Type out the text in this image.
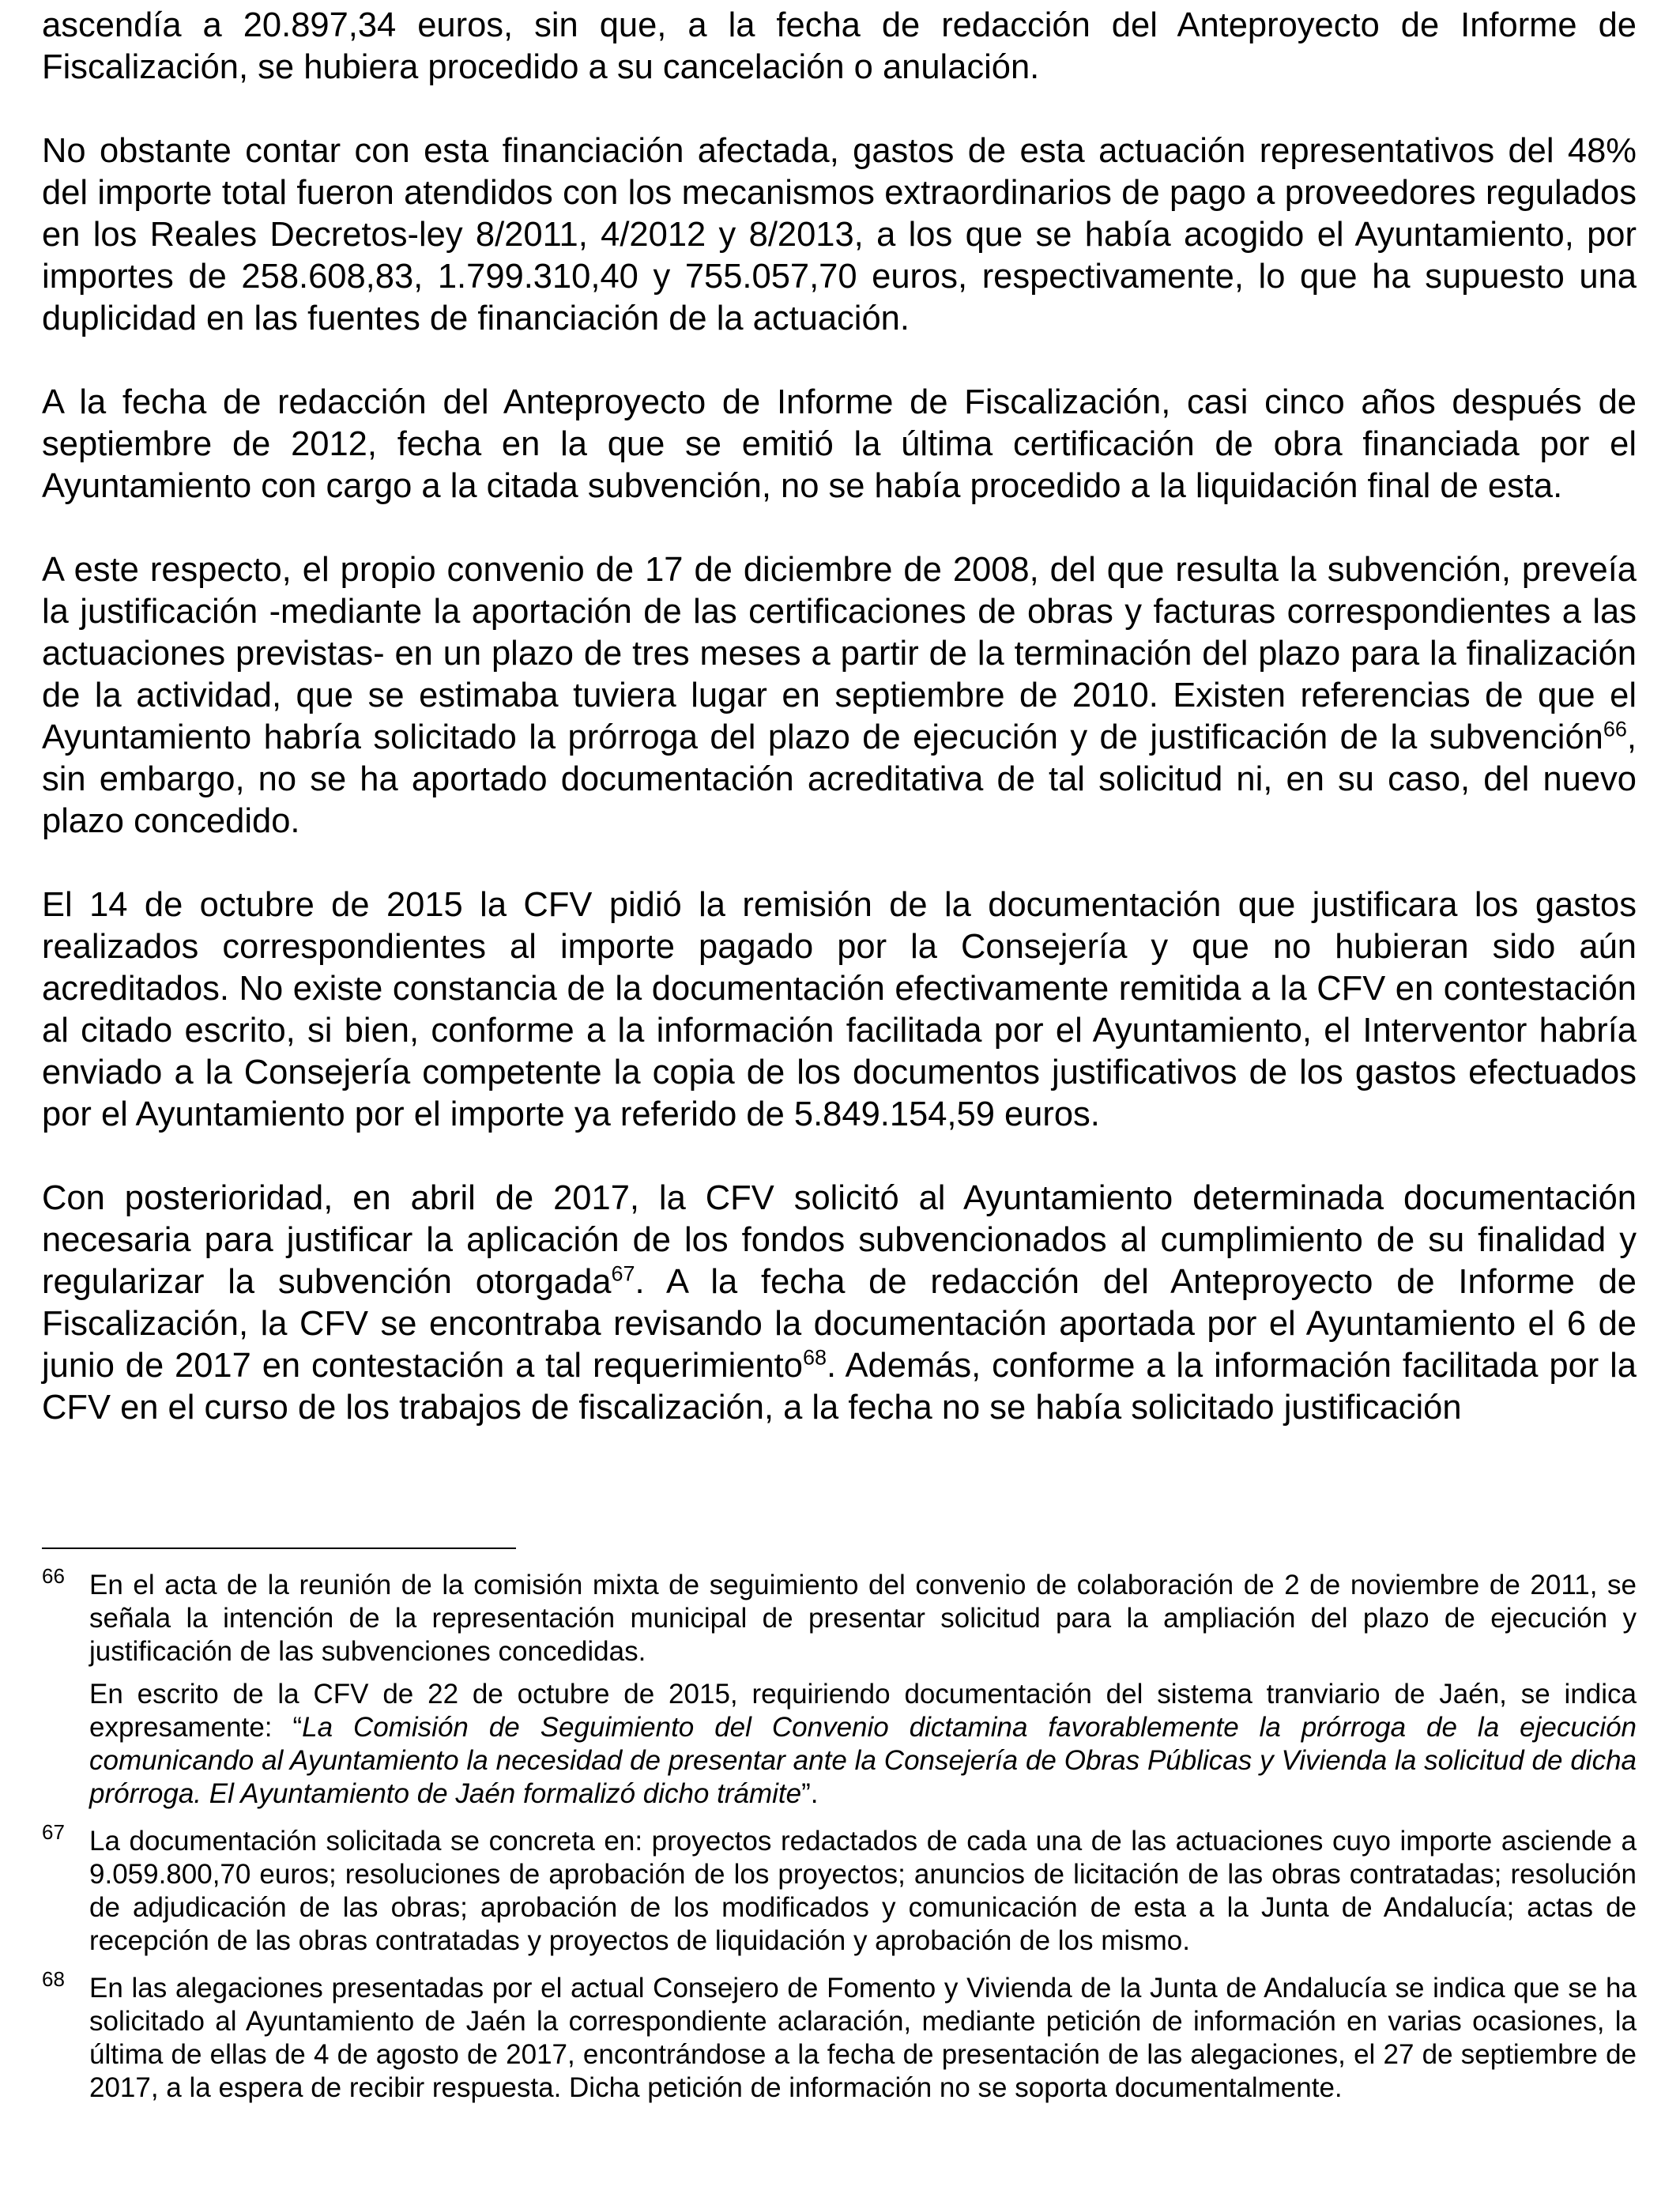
ascendía a 20.897,34 euros, sin que, a la fecha de redacción del Anteproyecto de Informe de Fiscalización, se hubiera procedido a su cancelación o anulación.

No obstante contar con esta financiación afectada, gastos de esta actuación representativos del 48% del importe total fueron atendidos con los mecanismos extraordinarios de pago a proveedores regulados en los Reales Decretos-ley 8/2011, 4/2012 y 8/2013, a los que se había acogido el Ayuntamiento, por importes de 258.608,83, 1.799.310,40 y 755.057,70 euros, respectivamente, lo que ha supuesto una duplicidad en las fuentes de financiación de la actuación.

A la fecha de redacción del Anteproyecto de Informe de Fiscalización, casi cinco años después de septiembre de 2012, fecha en la que se emitió la última certificación de obra financiada por el Ayuntamiento con cargo a la citada subvención, no se había procedido a la liquidación final de esta.

A este respecto, el propio convenio de 17 de diciembre de 2008, del que resulta la subvención, preveía la justificación -mediante la aportación de las certificaciones de obras y facturas correspondientes a las actuaciones previstas- en un plazo de tres meses a partir de la terminación del plazo para la finalización de la actividad, que se estimaba tuviera lugar en septiembre de 2010. Existen referencias de que el Ayuntamiento habría solicitado la prórroga del plazo de ejecución y de justificación de la subvención$^{66}$, sin embargo, no se ha aportado documentación acreditativa de tal solicitud ni, en su caso, del nuevo plazo concedido.

El 14 de octubre de 2015 la CFV pidió la remisión de la documentación que justificara los gastos realizados correspondientes al importe pagado por la Consejería y que no hubieran sido aún acreditados. No existe constancia de la documentación efectivamente remitida a la CFV en contestación al citado escrito, si bien, conforme a la información facilitada por el Ayuntamiento, el Interventor habría enviado a la Consejería competente la copia de los documentos justificativos de los gastos efectuados por el Ayuntamiento por el importe ya referido de 5.849.154,59 euros.

Con posterioridad, en abril de 2017, la CFV solicitó al Ayuntamiento determinada documentación necesaria para justificar la aplicación de los fondos subvencionados al cumplimiento de su finalidad y regularizar la subvención otorgada$^{67}$. A la fecha de redacción del Anteproyecto de Informe de Fiscalización, la CFV se encontraba revisando la documentación aportada por el Ayuntamiento el 6 de junio de 2017 en contestación a tal requerimiento$^{68}$. Además, conforme a la información facilitada por la CFV en el curso de los trabajos de fiscalización, a la fecha no se había solicitado justificación

66 En el acta de la reunión de la comisión mixta de seguimiento del convenio de colaboración de 2 de noviembre de 2011, se señala la intención de la representación municipal de presentar solicitud para la ampliación del plazo de ejecución y justificación de las subvenciones concedidas.

En escrito de la CFV de 22 de octubre de 2015, requiriendo documentación del sistema tranviario de Jaén, se indica expresamente: “La Comisión de Seguimiento del Convenio dictamina favorablemente la prórroga de la ejecución comunicando al Ayuntamiento la necesidad de presentar ante la Consejería de Obras Públicas y Vivienda la solicitud de dicha prórroga. El Ayuntamiento de Jaén formalizó dicho trámite”.

67 La documentación solicitada se concreta en: proyectos redactados de cada una de las actuaciones cuyo importe asciende a 9.059.800,70 euros; resoluciones de aprobación de los proyectos; anuncios de licitación de las obras contratadas; resolución de adjudicación de las obras; aprobación de los modificados y comunicación de esta a la Junta de Andalucía; actas de recepción de las obras contratadas y proyectos de liquidación y aprobación de los mismo.

68 En las alegaciones presentadas por el actual Consejero de Fomento y Vivienda de la Junta de Andalucía se indica que se ha solicitado al Ayuntamiento de Jaén la correspondiente aclaración, mediante petición de información en varias ocasiones, la última de ellas de 4 de agosto de 2017, encontrándose a la fecha de presentación de las alegaciones, el 27 de septiembre de 2017, a la espera de recibir respuesta. Dicha petición de información no se soporta documentalmente.
